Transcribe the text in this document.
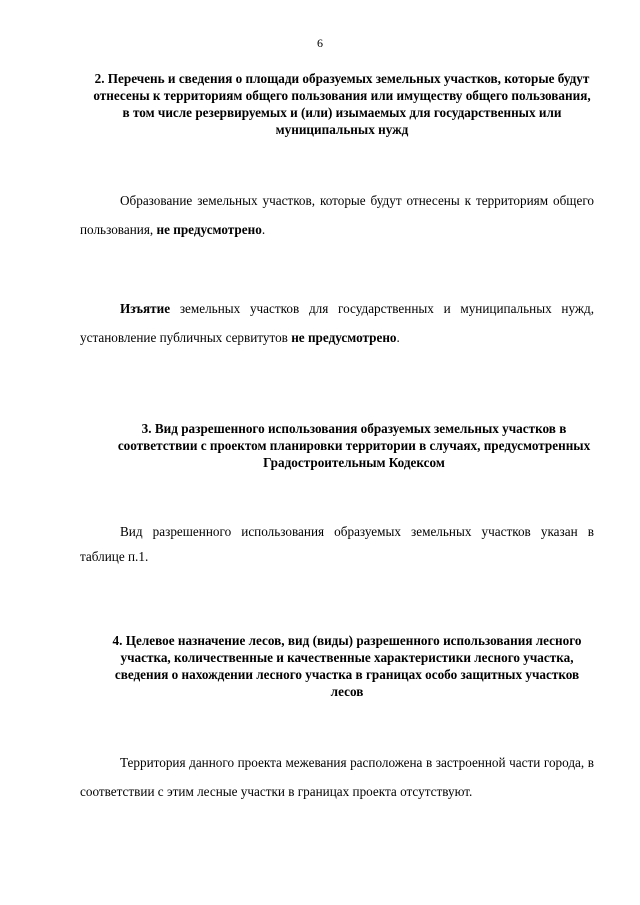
6
2. Перечень и сведения о площади образуемых земельных участков, которые будут отнесены к территориям общего пользования или имуществу общего пользования, в том числе резервируемых и (или) изымаемых для государственных или муниципальных нужд
Образование земельных участков, которые будут отнесены к территориям общего пользования, не предусмотрено.
Изъятие земельных участков для государственных и муниципальных нужд, установление публичных сервитутов не предусмотрено.
3. Вид разрешенного использования образуемых земельных участков в соответствии с проектом планировки территории в случаях, предусмотренных Градостроительным Кодексом
Вид разрешенного использования образуемых земельных участков указан в таблице п.1.
4. Целевое назначение лесов, вид (виды) разрешенного использования лесного участка, количественные и качественные характеристики лесного участка, сведения о нахождении лесного участка в границах особо защитных участков лесов
Территория данного проекта межевания расположена в застроенной части города, в соответствии с этим лесные участки в границах проекта отсутствуют.
